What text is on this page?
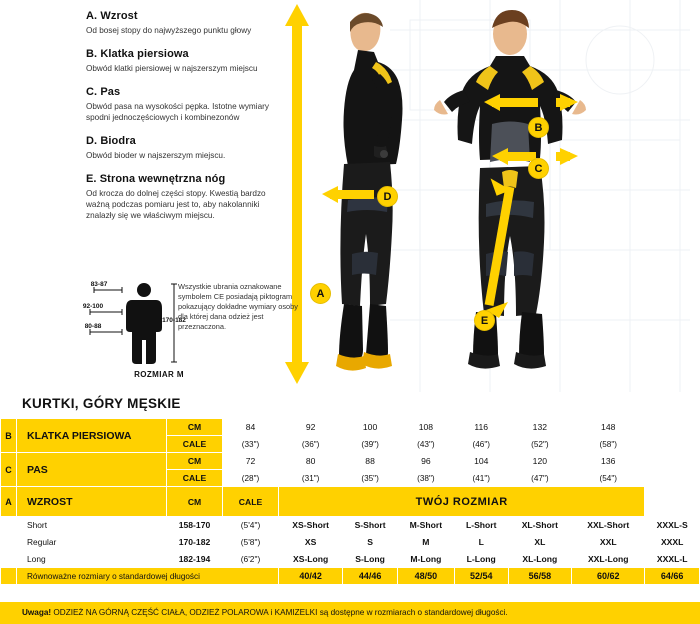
A
B
C
D
E

A. Wzrost

Od bosej stopy do najwyższego punktu głowy

B. Klatka piersiowa

Obwód klatki piersiowej w najszerszym miejscu

C. Pas

Obwód pasa na wysokości pępka. Istotne wymiary spodni jednoczęściowych i kombinezonów

D. Biodra

Obwód bioder w najszerszym miejscu.

E. Strona wewnętrzna nóg

Od krocza do dolnej części stopy. Kwestią bardzo ważną podczas pomiaru jest to, aby nakolanniki znalazły się we właściwym miejscu.

83-87
92-100
80-88
170-182
Wszystkie ubrania oznakowane symbolem CE posiadają piktogram pokazujący dokładne wymiary osoby dla której dana odzież jest przeznaczona.
ROZMIAR M
KURTKI, GÓRY MĘSKIE
B	KLATKA PIERSIOWA	CM	84	92	100	108	116	132	148	
		CALE	(33")	(36")	(39")	(43")	(46")	(52")	(58")	
C	PAS	CM	72	80	88	96	104	120	136	
		CALE	(28")	(31")	(35")	(38")	(41")	(47")	(54")	
A	WZROST	CM	CALE	TWÓJ ROZMIAR						
	Short	158-170	(5'4")	XS-Short	S-Short	M-Short	L-Short	XL-Short	XXL-Short	XXXL-S
	Regular	170-182	(5'8")	XS	S	M	L	XL	XXL	XXXL
	Long	182-194	(6'2")	XS-Long	S-Long	M-Long	L-Long	XL-Long	XXL-Long	XXXL-L
	Równoważne rozmiary o standardowej długości			40/42	44/46	48/50	52/54	56/58	60/62	64/66
Uwaga! ODZIEŻ NA GÓRNĄ CZĘŚĆ CIAŁA, ODZIEŻ POLAROWA i KAMIZELKI są dostępne w rozmiarach o standardowej długości.
